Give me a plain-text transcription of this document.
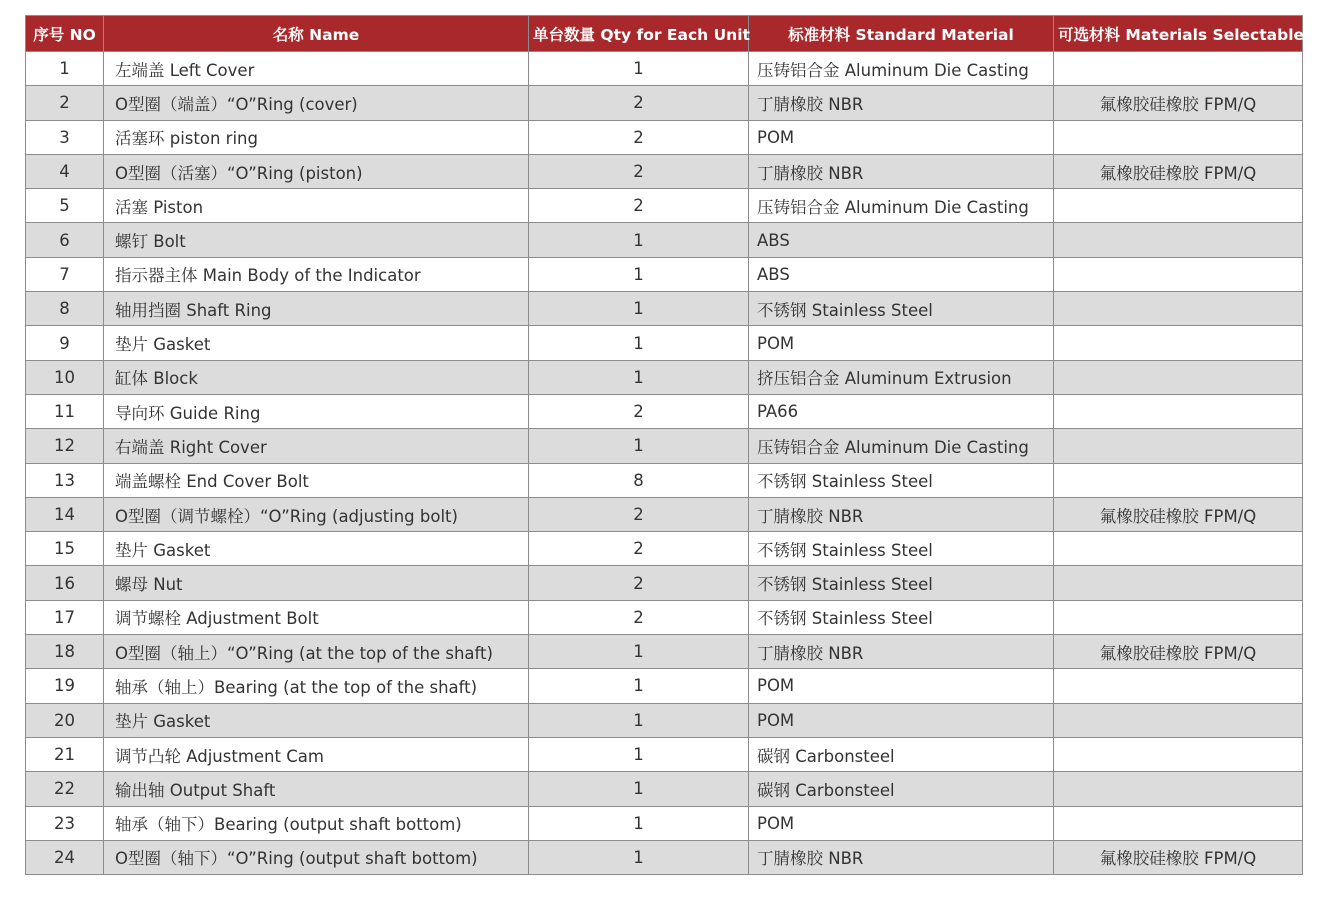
序号 NO	名称 Name	单台数量 Qty for Each Unit	标准材料 Standard Material	可选材料 Materials Selectable
1	左端盖 Left Cover	1	压铸铝合金 Aluminum Die Casting	
2	O型圈（端盖）“O”Ring (cover)	2	丁腈橡胶 NBR	氟橡胶硅橡胶 FPM/Q
3	活塞环 piston ring	2	POM	
4	O型圈（活塞）“O”Ring (piston)	2	丁腈橡胶 NBR	氟橡胶硅橡胶 FPM/Q
5	活塞 Piston	2	压铸铝合金 Aluminum Die Casting	
6	螺钉 Bolt	1	ABS	
7	指示器主体 Main Body of the Indicator	1	ABS	
8	轴用挡圈 Shaft Ring	1	不锈钢 Stainless Steel	
9	垫片 Gasket	1	POM	
10	缸体 Block	1	挤压铝合金 Aluminum Extrusion	
11	导向环 Guide Ring	2	PA66	
12	右端盖 Right Cover	1	压铸铝合金 Aluminum Die Casting	
13	端盖螺栓 End Cover Bolt	8	不锈钢 Stainless Steel	
14	O型圈（调节螺栓）“O”Ring (adjusting bolt)	2	丁腈橡胶 NBR	氟橡胶硅橡胶 FPM/Q
15	垫片 Gasket	2	不锈钢 Stainless Steel	
16	螺母 Nut	2	不锈钢 Stainless Steel	
17	调节螺栓 Adjustment Bolt	2	不锈钢 Stainless Steel	
18	O型圈（轴上）“O”Ring (at the top of the shaft)	1	丁腈橡胶 NBR	氟橡胶硅橡胶 FPM/Q
19	轴承（轴上）Bearing (at the top of the shaft)	1	POM	
20	垫片 Gasket	1	POM	
21	调节凸轮 Adjustment Cam	1	碳钢 Carbonsteel	
22	输出轴 Output Shaft	1	碳钢 Carbonsteel	
23	轴承（轴下）Bearing (output shaft bottom)	1	POM	
24	O型圈（轴下）“O”Ring (output shaft bottom)	1	丁腈橡胶 NBR	氟橡胶硅橡胶 FPM/Q
